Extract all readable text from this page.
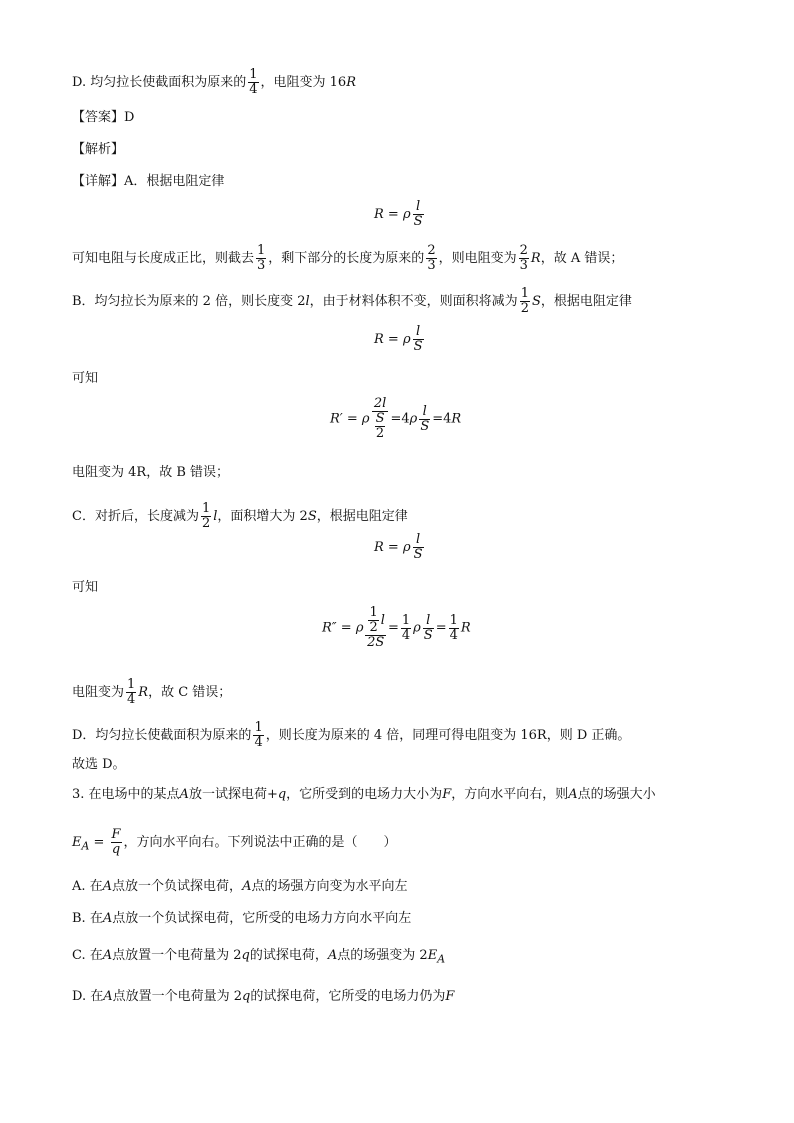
D. 均匀拉长使截面积为原来的 $\frac{1}{4}$ ，电阻变为 16R
【答案】D
【解析】
【详解】A．根据电阻定律
R = ρ $\frac{l}{S}$
可知电阻与长度成正比，则截去 $\frac{1}{3}$ ，剩下部分的长度为原来的 $\frac{2}{3}$ ，则电阻变为 $\frac{2}{3}$ R，故 A 错误；
B．均匀拉长为原来的 2 倍，则长度变 2l，由于材料体积不变，则面积将减为 $\frac{1}{2}$ S，根据电阻定律
R = ρ $\frac{l}{S}$
可知
R′ = ρ $\frac{2l}{\frac{S}{2}} =4\rho \frac{l}{S} =4R$
电阻变为 4R，故 B 错误；
C．对折后，长度减为 $\frac{1}{2}$ l，面积增大为 2S，根据电阻定律
R = ρ $\frac{l}{S}$
可知
R″ = ρ $\frac{\frac{1}{2} l}{2S} = \frac{1}{4}$ ρ $\frac{l}{S} = \frac{1}{4}$ R
电阻变为 $\frac{1}{4}$ R，故 C 错误；
D．均匀拉长使截面积为原来的 $\frac{1}{4}$ ，则长度为原来的 4 倍，同理可得电阻变为 16R，则 D 正确。
故选 D。
3. 在电场中的某点A放一试探电荷+q，它所受到的电场力大小为F，方向水平向右，则A点的场强大小
$E_A = \frac{F}{q}$ ，方向水平向右。下列说法中正确的是（　　）
A. 在A点放一个负试探电荷，A点的场强方向变为水平向左
B. 在A点放一个负试探电荷，它所受的电场力方向水平向左
C. 在A点放置一个电荷量为 2q的试探电荷，A点的场强变为 $2E_A$
D. 在A点放置一个电荷量为 2q的试探电荷，它所受的电场力仍为F
